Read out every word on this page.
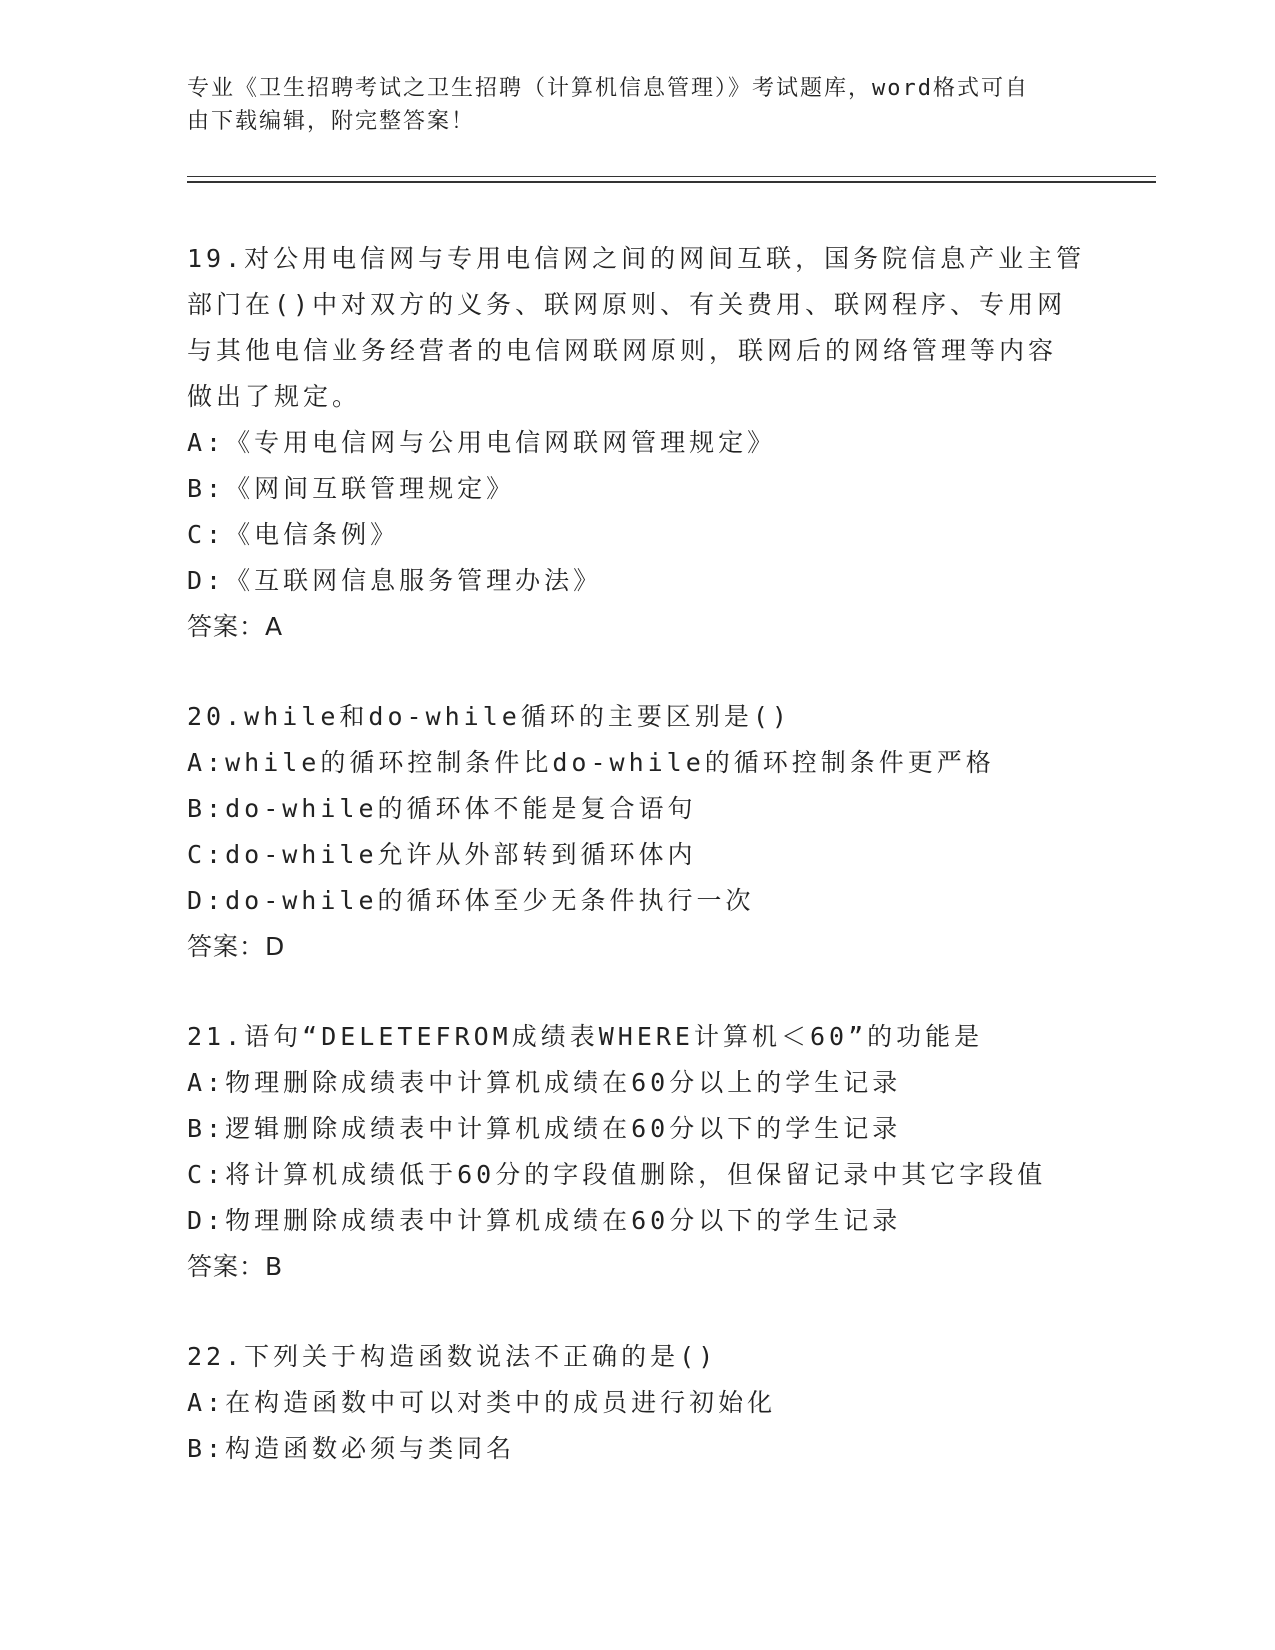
专业《卫生招聘考试之卫生招聘（计算机信息管理）》考试题库，word格式可自
由下载编辑，附完整答案！
19.对公用电信网与专用电信网之间的网间互联，国务院信息产业主管
部门在()中对双方的义务、联网原则、有关费用、联网程序、专用网
与其他电信业务经营者的电信网联网原则，联网后的网络管理等内容
做出了规定。
A:《专用电信网与公用电信网联网管理规定》
B:《网间互联管理规定》
C:《电信条例》
D:《互联网信息服务管理办法》
答案：A
20.while和do-while循环的主要区别是()
A:while的循环控制条件比do-while的循环控制条件更严格
B:do-while的循环体不能是复合语句
C:do-while允许从外部转到循环体内
D:do-while的循环体至少无条件执行一次
答案：D
21.语句“DELETEFROM成绩表WHERE计算机＜60”的功能是
A:物理删除成绩表中计算机成绩在60分以上的学生记录
B:逻辑删除成绩表中计算机成绩在60分以下的学生记录
C:将计算机成绩低于60分的字段值删除，但保留记录中其它字段值
D:物理删除成绩表中计算机成绩在60分以下的学生记录
答案：B
22.下列关于构造函数说法不正确的是()
A:在构造函数中可以对类中的成员进行初始化
B:构造函数必须与类同名
